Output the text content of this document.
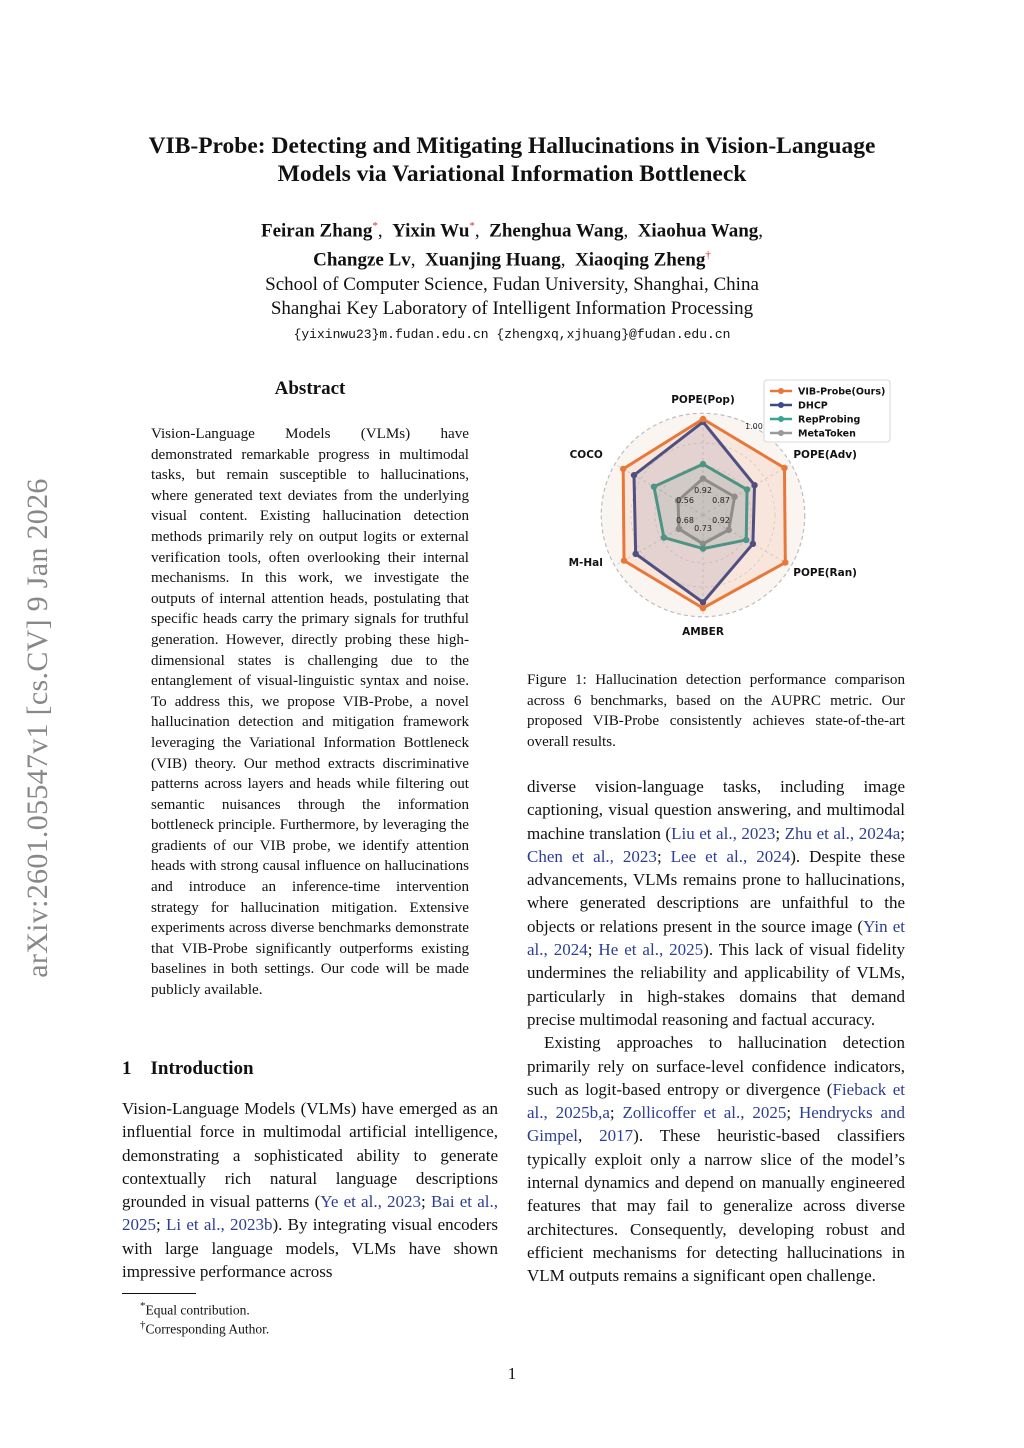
VIB-Probe: Detecting and Mitigating Hallucinations in Vision-Language
Models via Variational Information Bottleneck
Feiran Zhang*,  Yixin Wu*,  Zhenghua Wang,  Xiaohua Wang,
Changze Lv,  Xuanjing Huang,  Xiaoqing Zheng†
School of Computer Science, Fudan University, Shanghai, China
Shanghai Key Laboratory of Intelligent Information Processing
{yixinwu23}m.fudan.edu.cn {zhengxq,xjhuang}@fudan.edu.cn
arXiv:2601.05547v1 [cs.CV] 9 Jan 2026
Abstract
Vision-Language Models (VLMs) have demonstrated remarkable progress in multimodal tasks, but remain susceptible to hallucinations, where generated text deviates from the underlying visual content. Existing hallucination detection methods primarily rely on output logits or external verification tools, often overlooking their internal mechanisms. In this work, we investigate the outputs of internal attention heads, postulating that specific heads carry the primary signals for truthful generation. However, directly probing these high-dimensional states is challenging due to the entanglement of visual-linguistic syntax and noise. To address this, we propose VIB-Probe, a novel hallucination detection and mitigation framework leveraging the Variational Information Bottleneck (VIB) theory. Our method extracts discriminative patterns across layers and heads while filtering out semantic nuisances through the information bottleneck principle. Furthermore, by leveraging the gradients of our VIB probe, we identify attention heads with strong causal influence on hallucinations and introduce an inference-time intervention strategy for hallucination mitigation. Extensive experiments across diverse benchmarks demonstrate that VIB-Probe significantly outperforms existing baselines in both settings. Our code will be made publicly available.
1 Introduction
Vision-Language Models (VLMs) have emerged as an influential force in multimodal artificial intelligence, demonstrating a sophisticated ability to generate contextually rich natural language descriptions grounded in visual patterns (Ye et al., 2023; Bai et al., 2025; Li et al., 2023b). By integrating visual encoders with large language models, VLMs have shown impressive performance across
*Equal contribution.
†Corresponding Author.
1
POPE(Pop)
POPE(Adv)
POPE(Ran)
AMBER
M-Hal
COCO
1.00
0.92
0.87
0.92
0.73
0.68
0.56
VIB-Probe(Ours)
DHCP
RepProbing
MetaToken
Figure 1: Hallucination detection performance comparison across 6 benchmarks, based on the AUPRC metric. Our proposed VIB-Probe consistently achieves state-of-the-art overall results.

diverse vision-language tasks, including image captioning, visual question answering, and multimodal machine translation (Liu et al., 2023; Zhu et al., 2024a; Chen et al., 2023; Lee et al., 2024). Despite these advancements, VLMs remains prone to hallucinations, where generated descriptions are unfaithful to the objects or relations present in the source image (Yin et al., 2024; He et al., 2025). This lack of visual fidelity undermines the reliability and applicability of VLMs, particularly in high-stakes domains that demand precise multimodal reasoning and factual accuracy.

Existing approaches to hallucination detection primarily rely on surface-level confidence indicators, such as logit-based entropy or divergence (Fieback et al., 2025b,a; Zollicoffer et al., 2025; Hendrycks and Gimpel, 2017). These heuristic-based classifiers typically exploit only a narrow slice of the model’s internal dynamics and depend on manually engineered features that may fail to generalize across diverse architectures. Consequently, developing robust and efficient mechanisms for detecting hallucinations in VLM outputs remains a significant open challenge.
